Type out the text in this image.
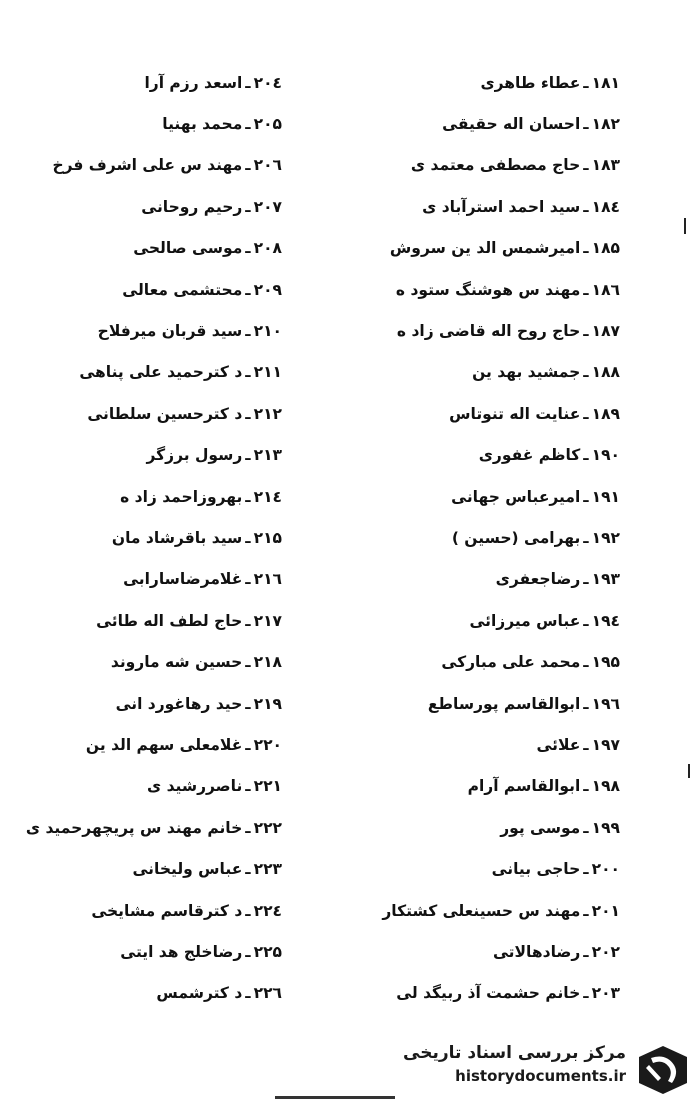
۱۸۱
ـ
عطاء طاهری
۱۸۲
ـ
احسان اله حقیقی
۱۸۳
ـ
حاج مصطفی معتمد ی
۱۸٤
ـ
سید احمد استرآباد ی
۱۸۵
ـ
امیرشمس الد ین سروش
۱۸٦
ـ
مهند س هوشنگ ستود ه
۱۸۷
ـ
حاج روح اله قاضی زاد ه
۱۸۸
ـ
جمشید بهد ین
۱۸۹
ـ
عنایت اله تنوتاس
۱۹۰
ـ
کاظم غفوری
۱۹۱
ـ
امیرعباس جهانی
۱۹۲
ـ
بهرامی (حسین )
۱۹۳
ـ
رضاجعفری
۱۹٤
ـ
عباس میرزائی
۱۹۵
ـ
محمد علی مبارکی
۱۹٦
ـ
ابوالقاسم پورساطع
۱۹۷
ـ
علائی
۱۹۸
ـ
ابوالقاسم آرام
۱۹۹
ـ
موسی پور
۲۰۰
ـ
حاجی بیانی
۲۰۱
ـ
مهند س حسینعلی کشتکار
۲۰۲
ـ
رضادهالاتی
۲۰۳
ـ
خانم حشمت آذ ربیگد لی
۲۰٤
ـ
اسعد رزم آرا
۲۰۵
ـ
محمد بهنیا
۲۰٦
ـ
مهند س علی اشرف فرخ
۲۰۷
ـ
رحیم روحانی
۲۰۸
ـ
موسی صالحی
۲۰۹
ـ
محتشمی معالی
۲۱۰
ـ
سید قربان میرفلاح
۲۱۱
ـ
د کترحمید علی پناهی
۲۱۲
ـ
د کترحسین سلطانی
۲۱۳
ـ
رسول برزگر
۲۱٤
ـ
بهروزاحمد زاد ه
۲۱۵
ـ
سید باقرشاد مان
۲۱٦
ـ
غلامرضاسارابی
۲۱۷
ـ
حاج لطف اله طائی
۲۱۸
ـ
حسین شه ماروند
۲۱۹
ـ
حید رهاغورد انی
۲۲۰
ـ
غلامعلی سهم الد ین
۲۲۱
ـ
ناصررشید ی
۲۲۲
ـ
خانم مهند س پریچهرحمید ی
۲۲۳
ـ
عباس ولیخانی
۲۲٤
ـ
د کترقاسم مشایخی
۲۲۵
ـ
رضاخلج هد ایتی
۲۲٦
ـ
د کترشمس
مرکز بررسی اسناد تاریخی
historydocuments.ir
